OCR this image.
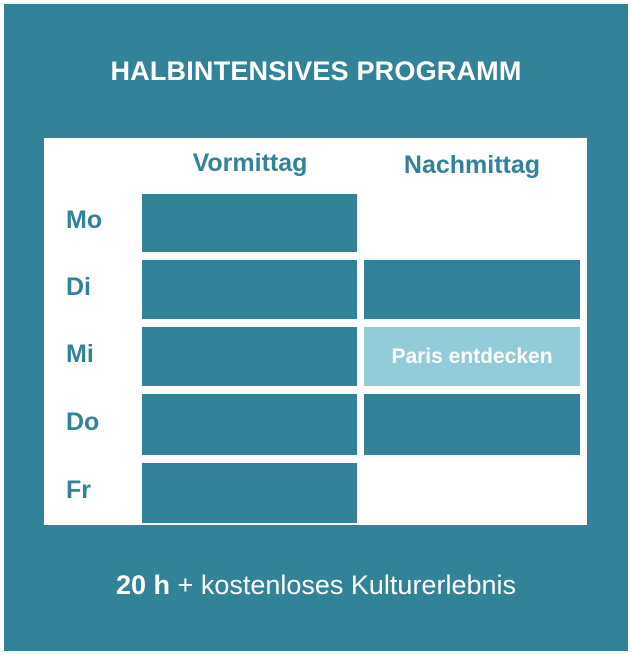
HALBINTENSIVES PROGRAMM
Vormittag	Nachmittag
Mo
Di
Mi	Paris entdecken
Do
Fr
20 h + kostenloses Kulturerlebnis
